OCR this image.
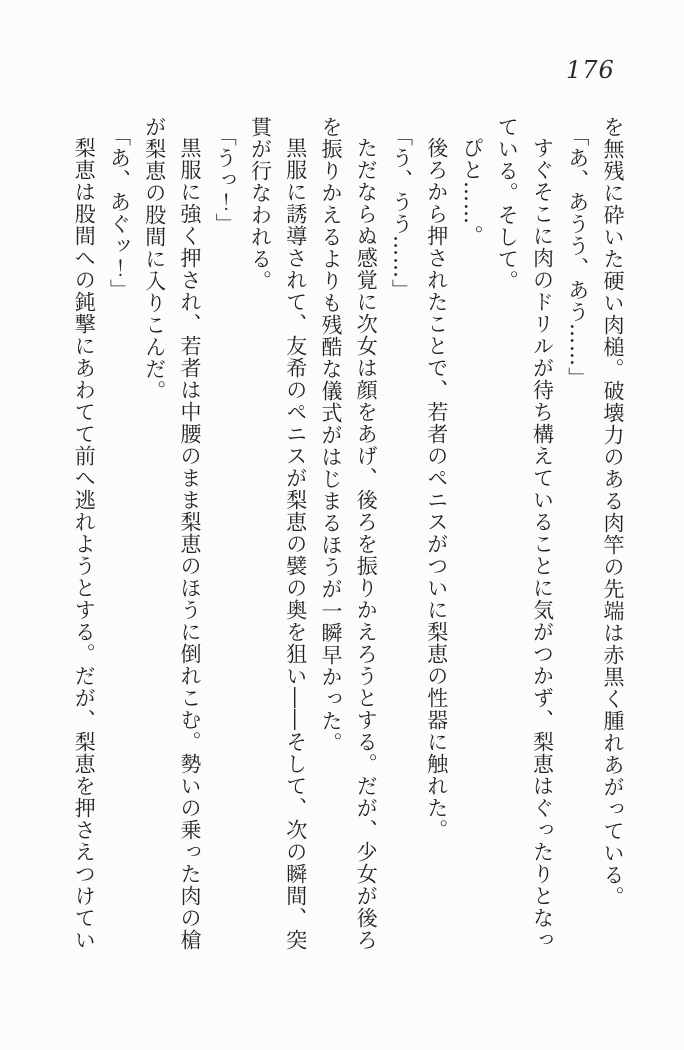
176

を無残に砕いた硬い肉槌。破壊力のある肉竿の先端は赤黒く腫れあがっている。

「あ、あうう、あう……」

すぐそこに肉のドリルが待ち構えていることに気がつかず、梨恵はぐったりとなっている。そして。

ぴと……。

後ろから押されたことで、若者のペニスがついに梨恵の性器に触れた。

「う、うう……」

ただならぬ感覚に次女は顔をあげ、後ろを振りかえろうとする。だが、少女が後ろを振りかえるよりも残酷な儀式がはじまるほうが一瞬早かった。

黒服に誘導されて、友希のペニスが梨恵の襞の奥を狙い――そして、次の瞬間、突貫が行なわれる。

「うっ！」

黒服に強く押され、若者は中腰のまま梨恵のほうに倒れこむ。勢いの乗った肉の槍が梨恵の股間に入りこんだ。

「あ、あぐッ！」

梨恵は股間への鈍撃にあわてて前へ逃れようとする。だが、梨恵を押さえつけてい
